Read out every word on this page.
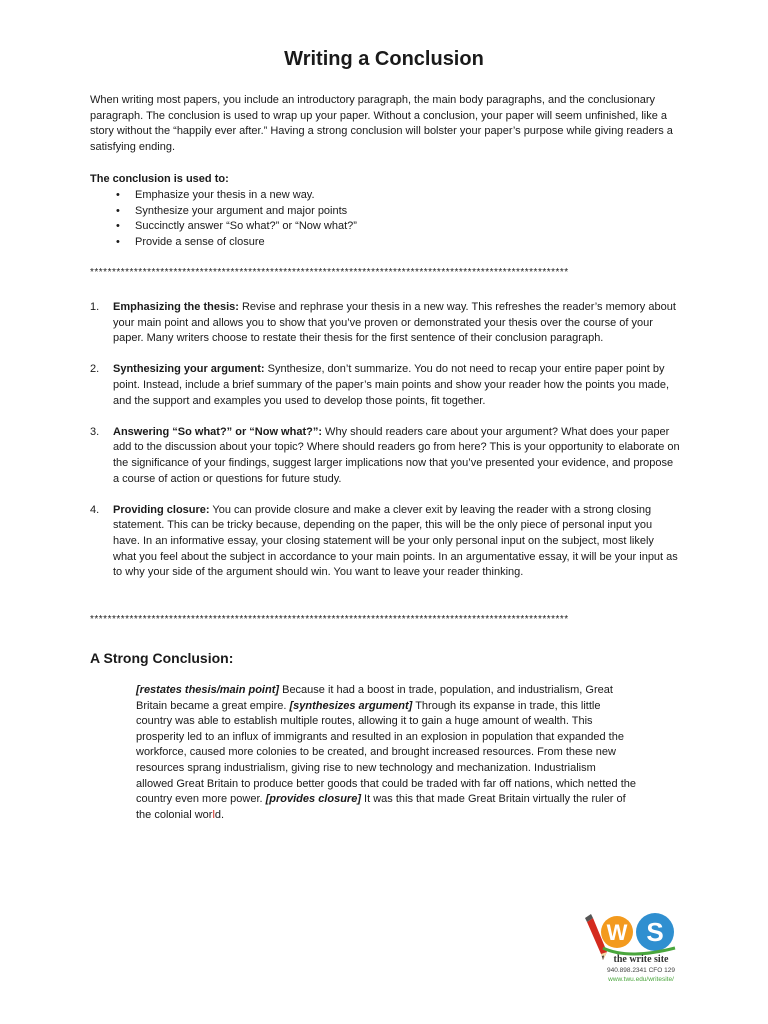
Writing a Conclusion
When writing most papers, you include an introductory paragraph, the main body paragraphs, and the conclusionary paragraph. The conclusion is used to wrap up your paper. Without a conclusion, your paper will seem unfinished, like a story without the “happily ever after.” Having a strong conclusion will bolster your paper’s purpose while giving readers a satisfying ending.
The conclusion is used to:
• Emphasize your thesis in a new way.
• Synthesize your argument and major points
• Succinctly answer “So what?” or “Now what?”
• Provide a sense of closure
*************************************************************************************************************
1. Emphasizing the thesis: Revise and rephrase your thesis in a new way. This refreshes the reader’s memory about your main point and allows you to show that you’ve proven or demonstrated your thesis over the course of your paper. Many writers choose to restate their thesis for the first sentence of their conclusion paragraph.
2. Synthesizing your argument: Synthesize, don’t summarize. You do not need to recap your entire paper point by point. Instead, include a brief summary of the paper’s main points and show your reader how the points you made, and the support and examples you used to develop those points, fit together.
3. Answering “So what?” or “Now what?”: Why should readers care about your argument? What does your paper add to the discussion about your topic? Where should readers go from here? This is your opportunity to elaborate on the significance of your findings, suggest larger implications now that you’ve presented your evidence, and propose a course of action or questions for future study.
4. Providing closure: You can provide closure and make a clever exit by leaving the reader with a strong closing statement. This can be tricky because, depending on the paper, this will be the only piece of personal input you have. In an informative essay, your closing statement will be your only personal input on the subject, most likely what you feel about the subject in accordance to your main points. In an argumentative essay, it will be your input as to why your side of the argument should win. You want to leave your reader thinking.
*************************************************************************************************************
A Strong Conclusion:
[restates thesis/main point] Because it had a boost in trade, population, and industrialism, Great Britain became a great empire. [synthesizes argument] Through its expanse in trade, this little country was able to establish multiple routes, allowing it to gain a huge amount of wealth. This prosperity led to an influx of immigrants and resulted in an explosion in population that expanded the workforce, caused more colonies to be created, and brought increased resources. From these new resources sprang industrialism, giving rise to new technology and mechanization. Industrialism allowed Great Britain to produce better goods that could be traded with far off nations, which netted the country even more power. [provides closure] It was this that made Great Britain virtually the ruler of the colonial world.
W S
the write site
940.898.2341 CFO 129
www.twu.edu/writesite/
